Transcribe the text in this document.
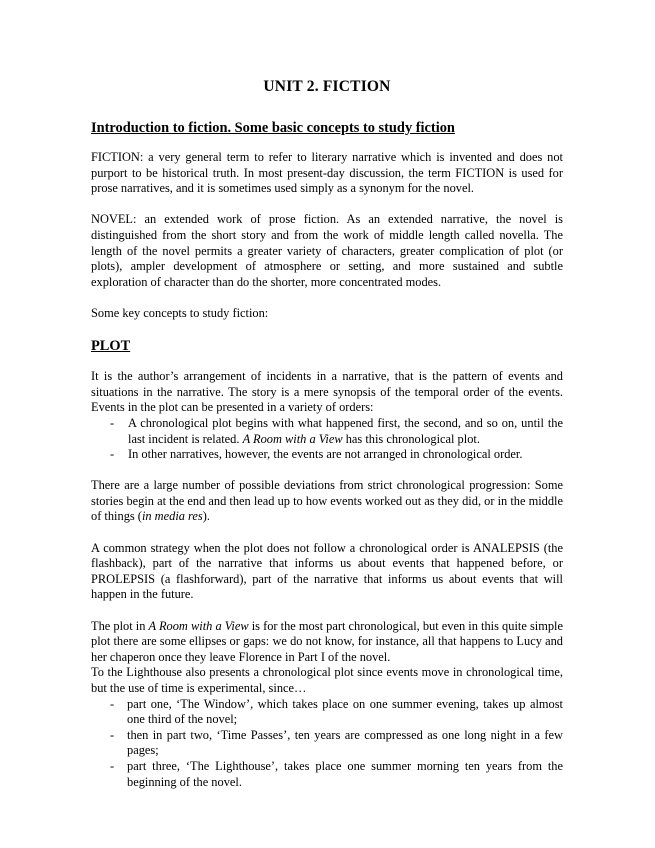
UNIT 2. FICTION
Introduction to fiction. Some basic concepts to study fiction

FICTION: a very general term to refer to literary narrative which is invented and does not purport to be historical truth. In most present-day discussion, the term FICTION is used for prose narratives, and it is sometimes used simply as a synonym for the novel.

NOVEL: an extended work of prose fiction. As an extended narrative, the novel is distinguished from the short story and from the work of middle length called novella. The length of the novel permits a greater variety of characters, greater complication of plot (or plots), ampler development of atmosphere or setting, and more sustained and subtle exploration of character than do the shorter, more concentrated modes.

Some key concepts to study fiction:

PLOT

It is the author’s arrangement of incidents in a narrative, that is the pattern of events and situations in the narrative. The story is a mere synopsis of the temporal order of the events. Events in the plot can be presented in a variety of orders:

- A chronological plot begins with what happened first, the second, and so on, until the last incident is related. A Room with a View has this chronological plot.
- In other narratives, however, the events are not arranged in chronological order.

There are a large number of possible deviations from strict chronological progression: Some stories begin at the end and then lead up to how events worked out as they did, or in the middle of things (in media res).

A common strategy when the plot does not follow a chronological order is ANALEPSIS (the flashback), part of the narrative that informs us about events that happened before, or PROLEPSIS (a flashforward), part of the narrative that informs us about events that will happen in the future.

The plot in A Room with a View is for the most part chronological, but even in this quite simple plot there are some ellipses or gaps: we do not know, for instance, all that happens to Lucy and her chaperon once they leave Florence in Part I of the novel.

To the Lighthouse also presents a chronological plot since events move in chronological time, but the use of time is experimental, since…

- part one, ‘The Window’, which takes place on one summer evening, takes up almost one third of the novel;
- then in part two, ‘Time Passes’, ten years are compressed as one long night in a few pages;
- part three, ‘The Lighthouse’, takes place one summer morning ten years from the beginning of the novel.
